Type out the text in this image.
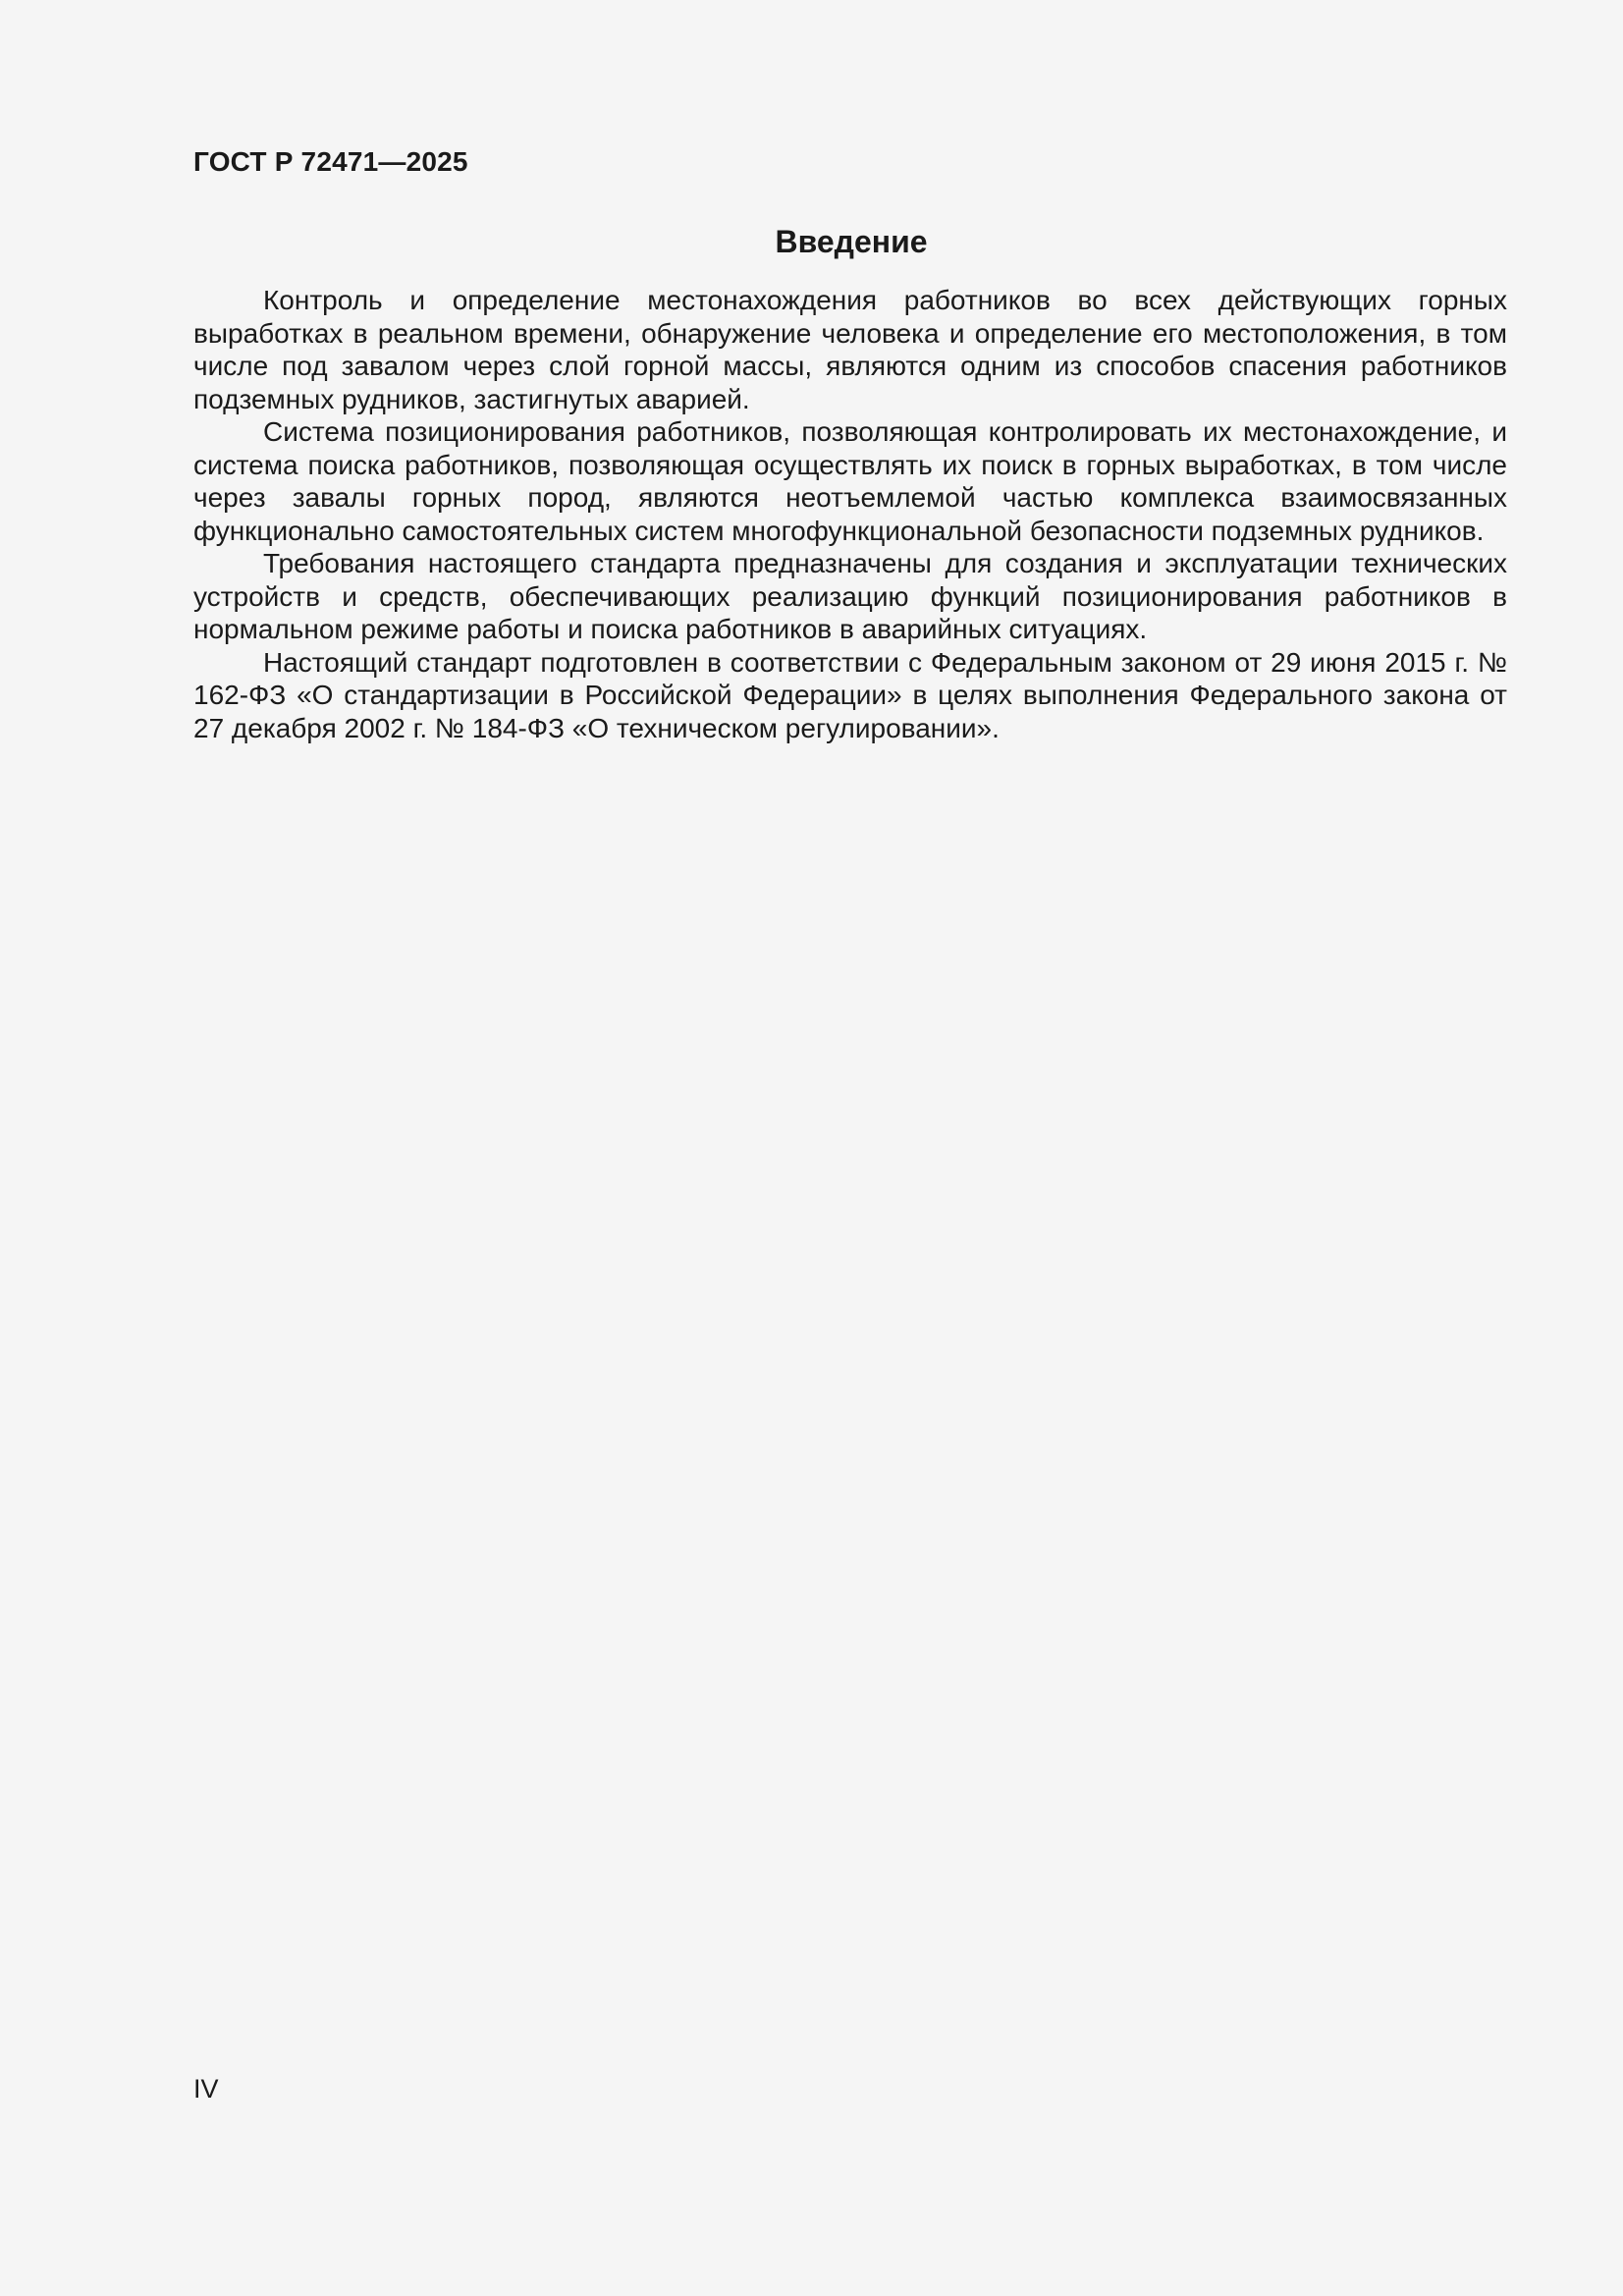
ГОСТ Р 72471—2025
Введение

Контроль и определение местонахождения работников во всех действующих горных выработках в реальном времени, обнаружение человека и определение его местоположения, в том числе под завалом через слой горной массы, являются одним из способов спасения работников подземных рудников, застигнутых аварией.

Система позиционирования работников, позволяющая контролировать их местонахождение, и система поиска работников, позволяющая осуществлять их поиск в горных выработках, в том числе через завалы горных пород, являются неотъемлемой частью комплекса взаимосвязанных функционально самостоятельных систем многофункциональной безопасности подземных рудников.

Требования настоящего стандарта предназначены для создания и эксплуатации технических устройств и средств, обеспечивающих реализацию функций позиционирования работников в нормальном режиме работы и поиска работников в аварийных ситуациях.

Настоящий стандарт подготовлен в соответствии с Федеральным законом от 29 июня 2015 г. № 162-ФЗ «О стандартизации в Российской Федерации» в целях выполнения Федерального закона от 27 декабря 2002 г. № 184-ФЗ «О техническом регулировании».

IV
